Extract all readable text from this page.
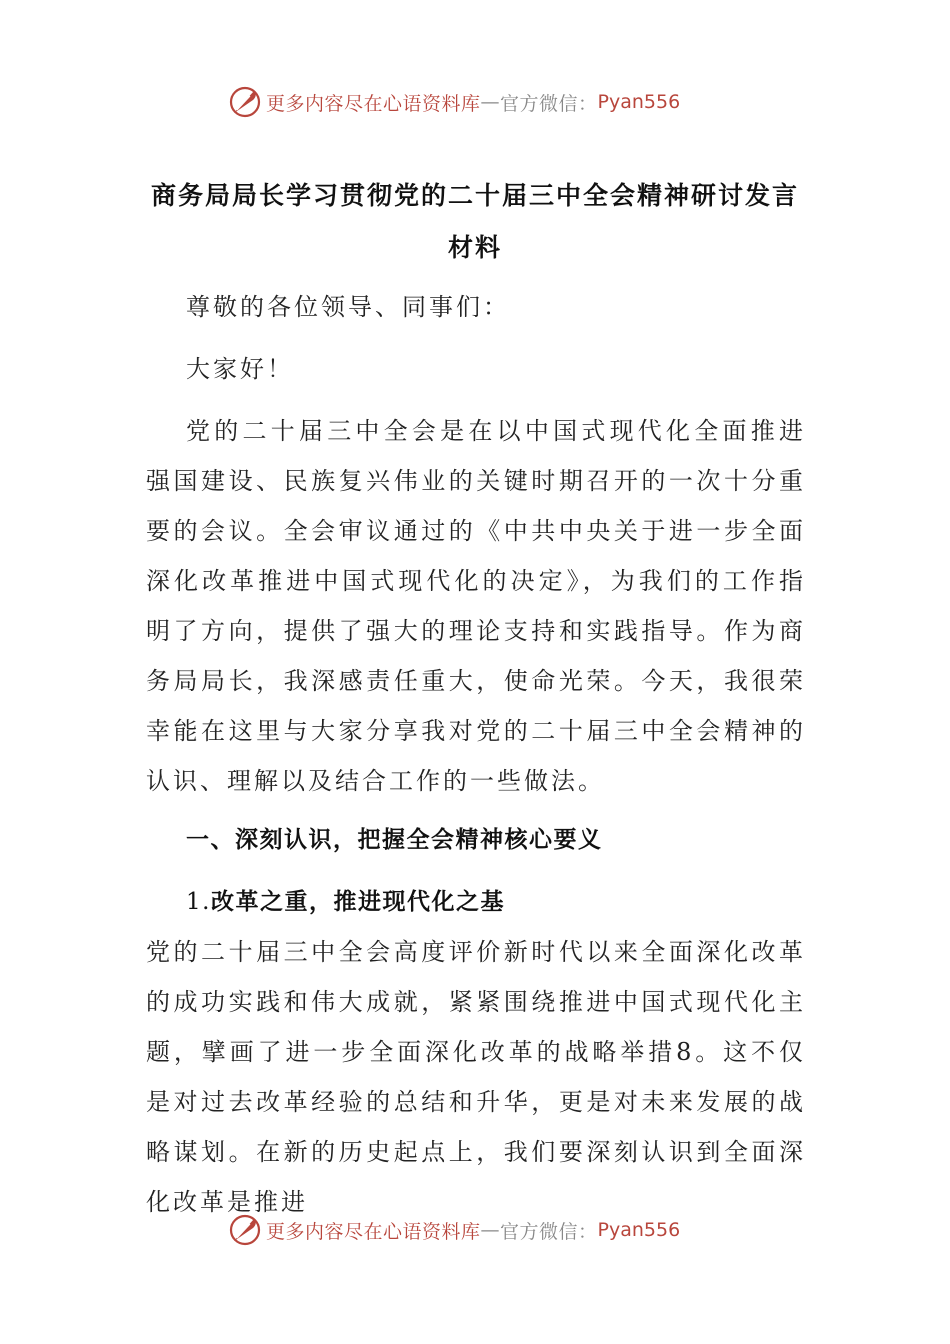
更多内容尽在心语资料库 — 官方微信： Pyan556
商务局局长学习贯彻党的二十届三中全会精神研讨发言材料

尊敬的各位领导、同事们：

大家好！

党的二十届三中全会是在以中国式现代化全面推进强国建设、民族复兴伟业的关键时期召开的一次十分重要的会议。全会审议通过的《中共中央关于进一步全面深化改革推进中国式现代化的决定》，为我们的工作指明了方向，提供了强大的理论支持和实践指导。作为商务局局长，我深感责任重大，使命光荣。今天，我很荣幸能在这里与大家分享我对党的二十届三中全会精神的认识、理解以及结合工作的一些做法。

一、深刻认识，把握全会精神核心要义

1.改革之重，推进现代化之基

党的二十届三中全会高度评价新时代以来全面深化改革的成功实践和伟大成就，紧紧围绕推进中国式现代化主题，擘画了进一步全面深化改革的战略举措8。这不仅是对过去改革经验的总结和升华，更是对未来发展的战略谋划。在新的历史起点上，我们要深刻认识到全面深化改革是推进

更多内容尽在心语资料库 — 官方微信： Pyan556
